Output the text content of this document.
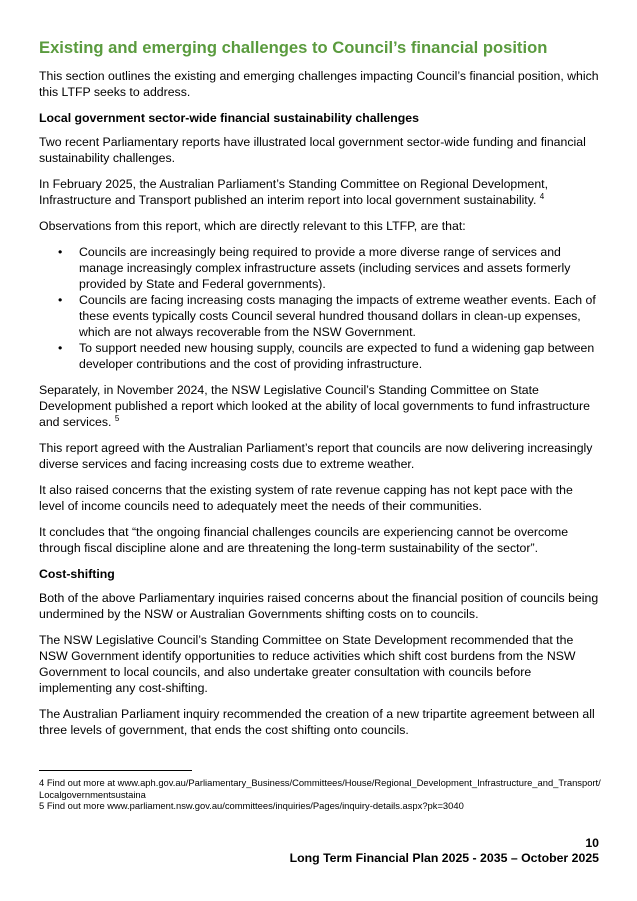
Existing and emerging challenges to Council’s financial position

This section outlines the existing and emerging challenges impacting Council’s financial position, which this LTFP seeks to address.

Local government sector-wide financial sustainability challenges

Two recent Parliamentary reports have illustrated local government sector-wide funding and financial sustainability challenges.

In February 2025, the Australian Parliament’s Standing Committee on Regional Development, Infrastructure and Transport published an interim report into local government sustainability. $^4$

Observations from this report, which are directly relevant to this LTFP, are that:

• Councils are increasingly being required to provide a more diverse range of services and manage increasingly complex infrastructure assets (including services and assets formerly provided by State and Federal governments).
• Councils are facing increasing costs managing the impacts of extreme weather events. Each of these events typically costs Council several hundred thousand dollars in clean-up expenses, which are not always recoverable from the NSW Government.
• To support needed new housing supply, councils are expected to fund a widening gap between developer contributions and the cost of providing infrastructure.

Separately, in November 2024, the NSW Legislative Council’s Standing Committee on State Development published a report which looked at the ability of local governments to fund infrastructure and services. $^5$

This report agreed with the Australian Parliament’s report that councils are now delivering increasingly diverse services and facing increasing costs due to extreme weather.

It also raised concerns that the existing system of rate revenue capping has not kept pace with the level of income councils need to adequately meet the needs of their communities.

It concludes that “the ongoing financial challenges councils are experiencing cannot be overcome through fiscal discipline alone and are threatening the long-term sustainability of the sector”.

Cost-shifting

Both of the above Parliamentary inquiries raised concerns about the financial position of councils being undermined by the NSW or Australian Governments shifting costs on to councils.

The NSW Legislative Council’s Standing Committee on State Development recommended that the NSW Government identify opportunities to reduce activities which shift cost burdens from the NSW Government to local councils, and also undertake greater consultation with councils before implementing any cost-shifting.

The Australian Parliament inquiry recommended the creation of a new tripartite agreement between all three levels of government, that ends the cost shifting onto councils.

4 Find out more at www.aph.gov.au/Parliamentary_Business/Committees/House/Regional_Development_Infrastructure_and_Transport/Localgovernmentsustaina

5 Find out more www.parliament.nsw.gov.au/committees/inquiries/Pages/inquiry-details.aspx?pk=3040

10
Long Term Financial Plan 2025 - 2035 – October 2025
